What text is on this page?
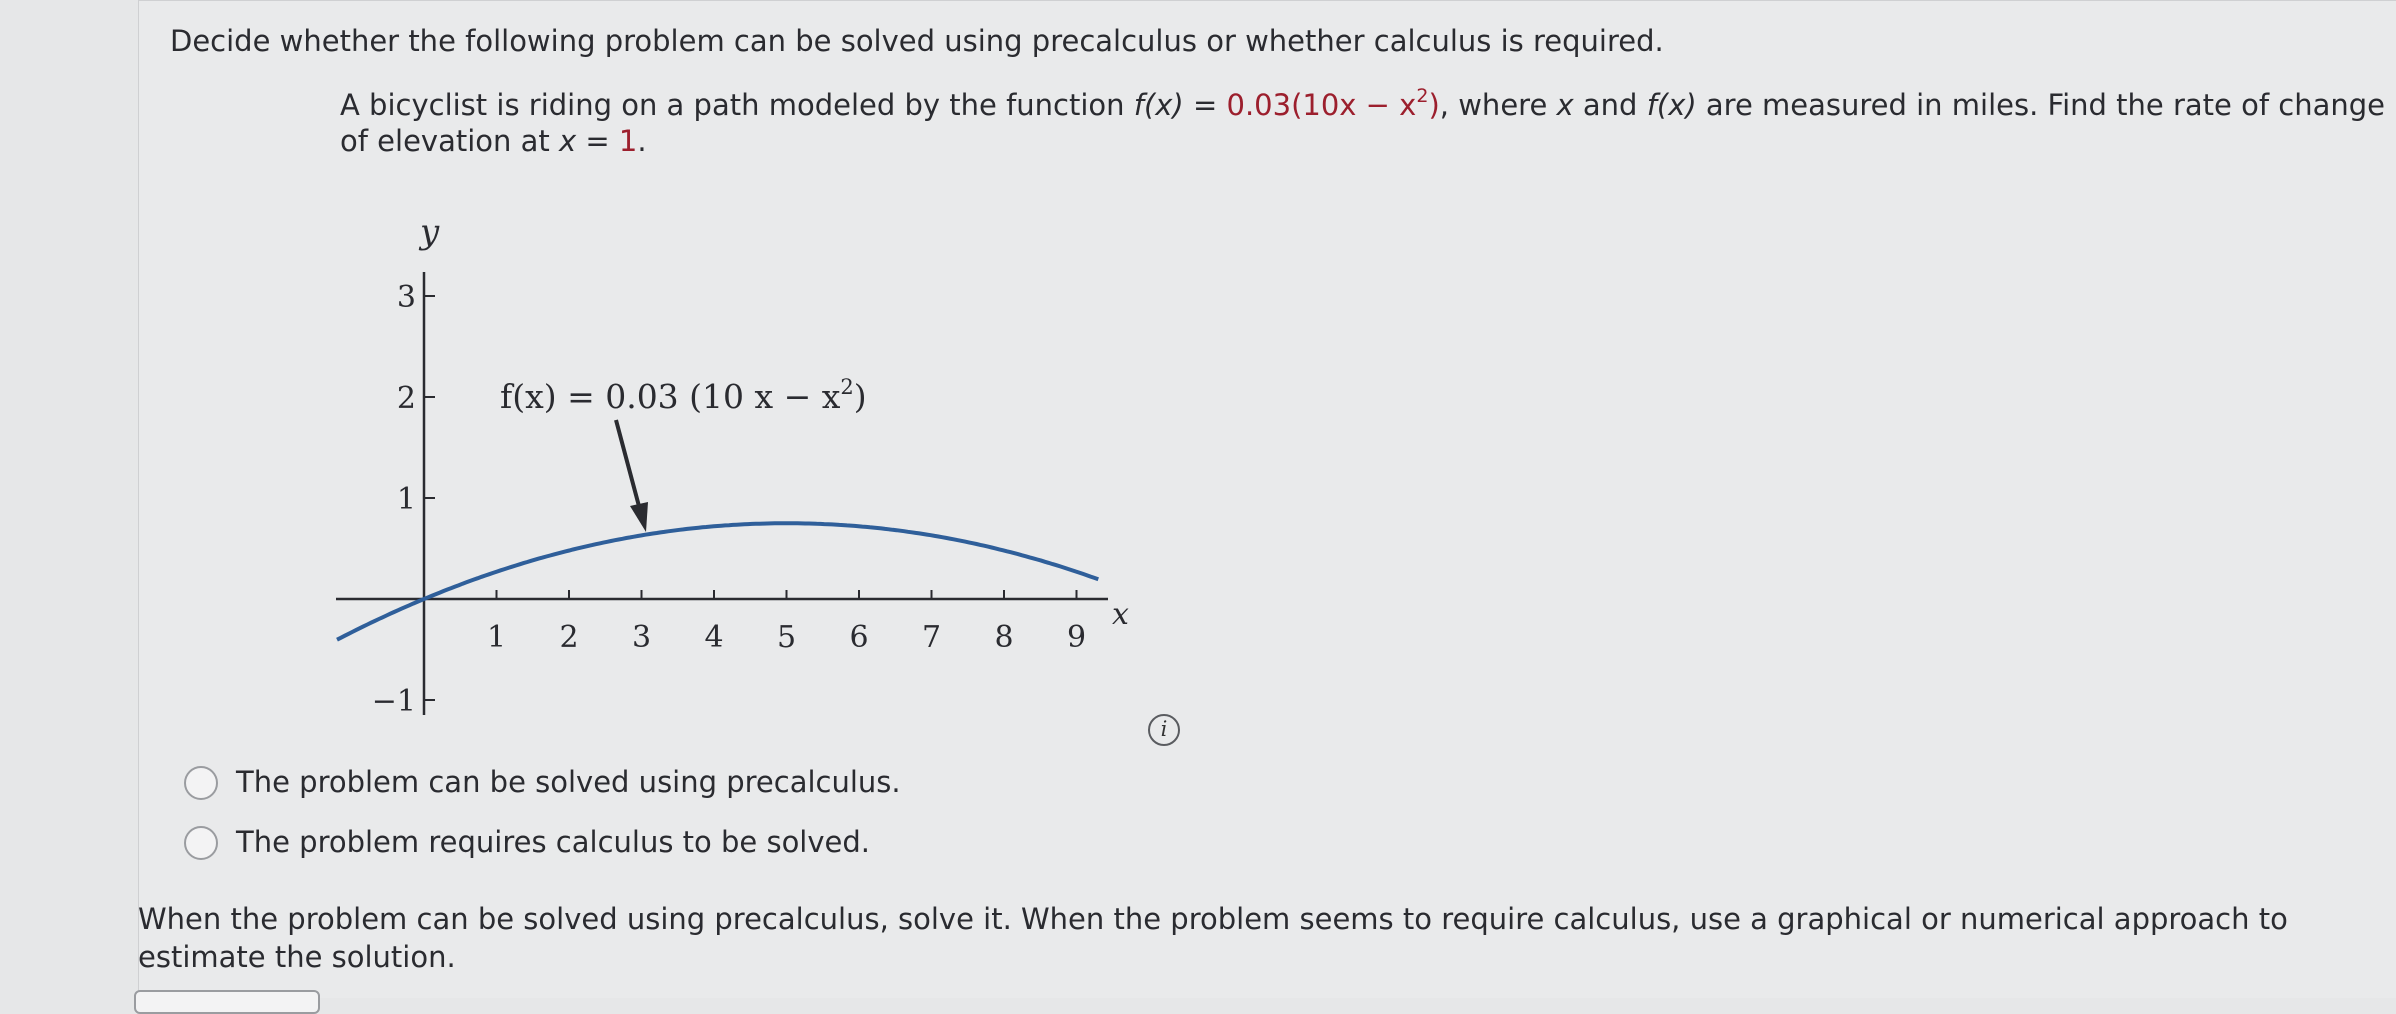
Decide whether the following problem can be solved using precalculus or whether calculus is required.
A bicyclist is riding on a path modeled by the function $f(x) = 0.03(10x - x^2)$, where x and f(x) are measured in miles. Find the rate of change
of elevation at x = 1.
1 2 3 4 5 6 7 8 9
−1
1
2
3
y
x
f(x) = 0.03 (10 $x - x^2$)
i
The problem can be solved using precalculus.
The problem requires calculus to be solved.
When the problem can be solved using precalculus, solve it. When the problem seems to require calculus, use a graphical or numerical approach to
estimate the solution.
